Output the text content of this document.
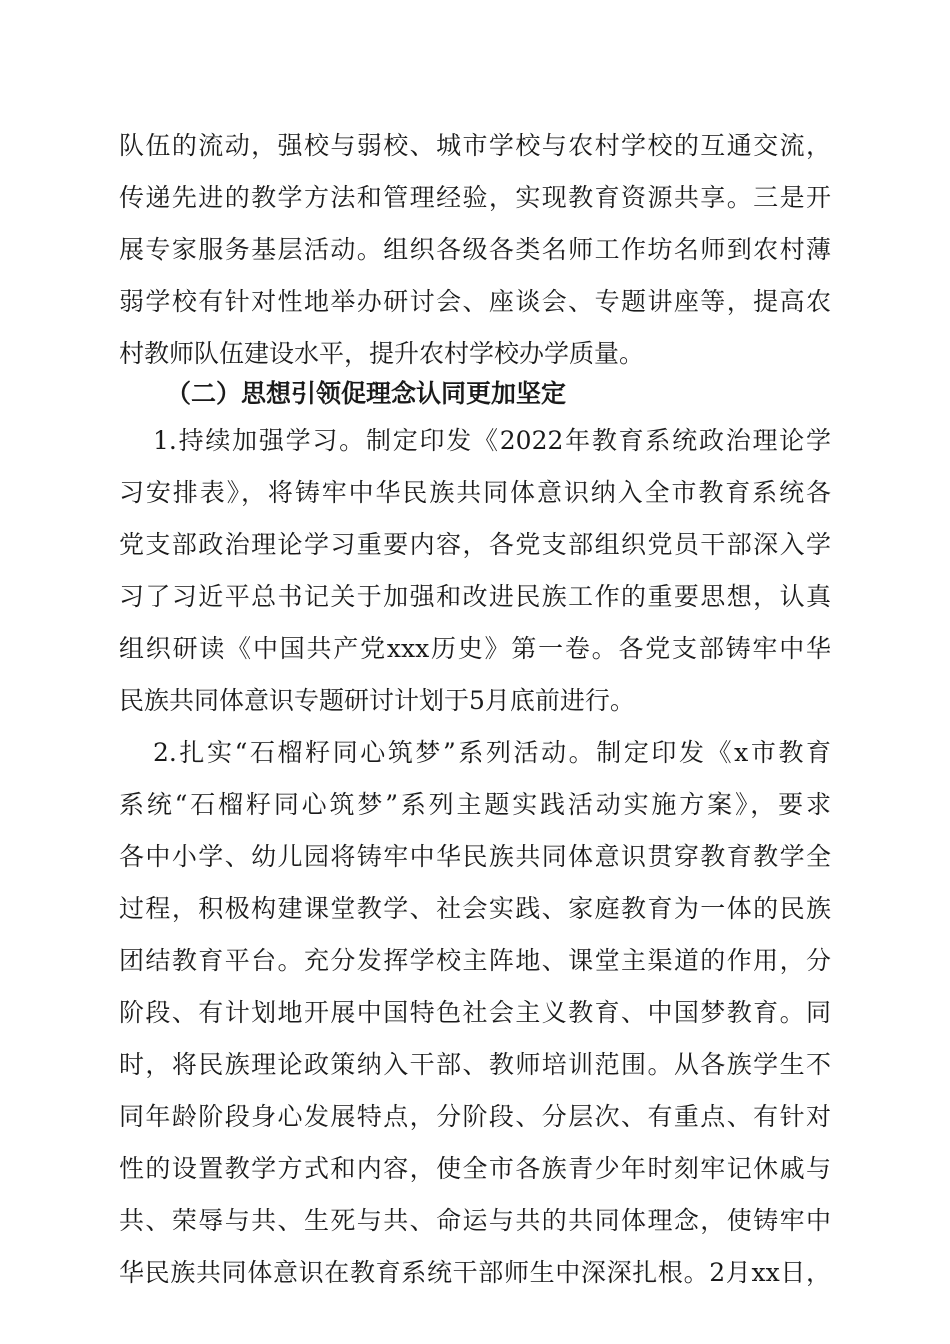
队伍的流动，强校与弱校、城市学校与农村学校的互通交流，
传递先进的教学方法和管理经验，实现教育资源共享。三是开
展专家服务基层活动。组织各级各类名师工作坊名师到农村薄
弱学校有针对性地举办研讨会、座谈会、专题讲座等，提高农
村教师队伍建设水平，提升农村学校办学质量。
（二）思想引领促理念认同更加坚定
1.持续加强学习。制定印发《2022年教育系统政治理论学
习安排表》，将铸牢中华民族共同体意识纳入全市教育系统各
党支部政治理论学习重要内容，各党支部组织党员干部深入学
习了习近平总书记关于加强和改进民族工作的重要思想，认真
组织研读《中国共产党xxx历史》第一卷。各党支部铸牢中华
民族共同体意识专题研讨计划于5月底前进行。
2.扎实“石榴籽同心筑梦”系列活动。制定印发《x市教育
系统“石榴籽同心筑梦”系列主题实践活动实施方案》，要求
各中小学、幼儿园将铸牢中华民族共同体意识贯穿教育教学全
过程，积极构建课堂教学、社会实践、家庭教育为一体的民族
团结教育平台。充分发挥学校主阵地、课堂主渠道的作用，分
阶段、有计划地开展中国特色社会主义教育、中国梦教育。同
时，将民族理论政策纳入干部、教师培训范围。从各族学生不
同年龄阶段身心发展特点，分阶段、分层次、有重点、有针对
性的设置教学方式和内容，使全市各族青少年时刻牢记休戚与
共、荣辱与共、生死与共、命运与共的共同体理念，使铸牢中
华民族共同体意识在教育系统干部师生中深深扎根。2月xx日，
